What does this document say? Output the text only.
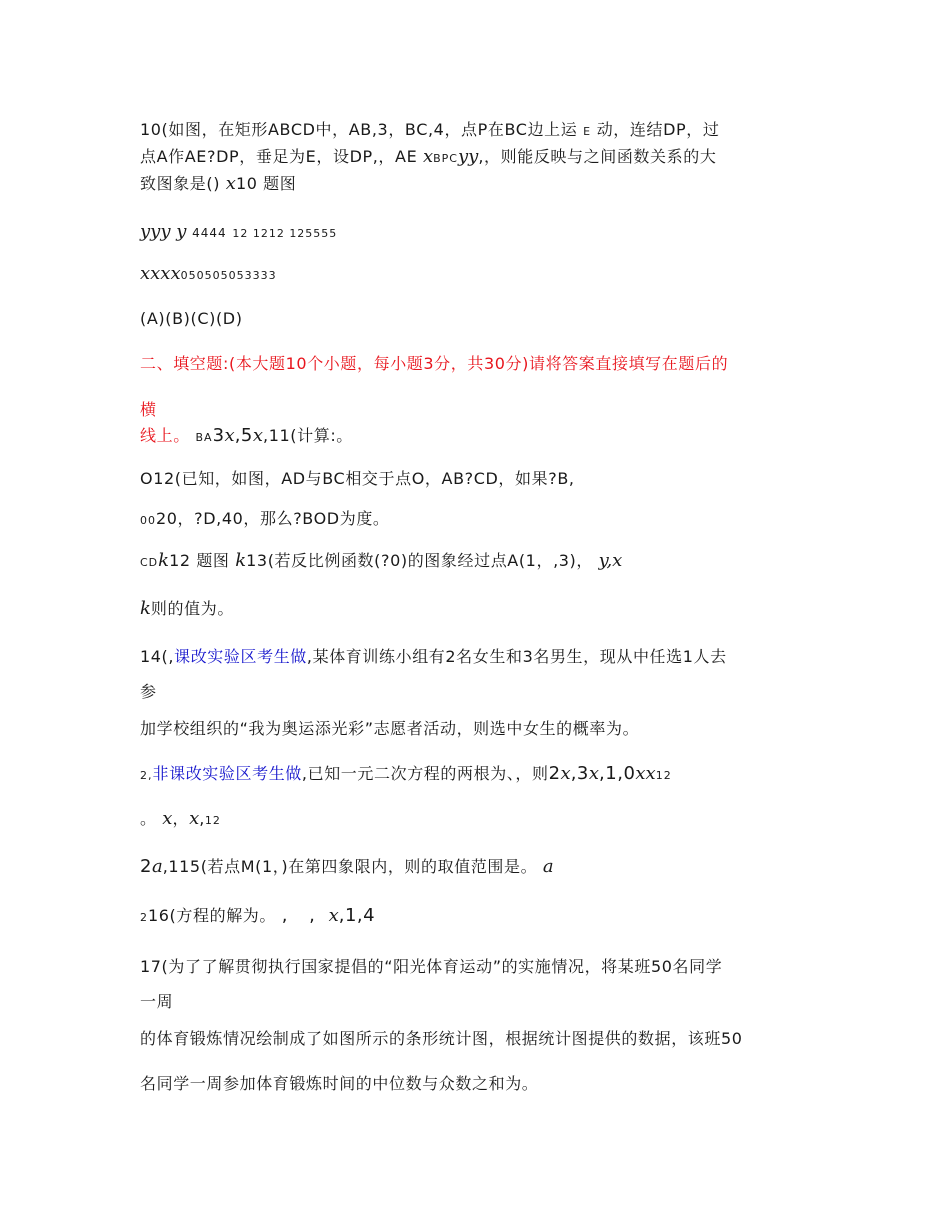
10(如图，在矩形ABCD中，AB,3，BC,4，点P在BC边上运 E 动，连结DP，过
点A作AE?DP，垂足为E，设DP,，AE xBPCyy,，则能反映与之间函数关系的大
致图象是() x10 题图
yyy y 4444 12 1212 125555
xxxx050505053333
(A)(B)(C)(D)
二、填空题:(本大题10个小题，每小题3分，共30分)请将答案直接填写在题后的
横
线上。 BA3x,5x,11(计算:。
O12(已知，如图，AD与BC相交于点O，AB?CD，如果?B,
0020，?D,40，那么?BOD为度。
CDk12 题图 k13(若反比例函数(?0)的图象经过点A(1，,3)， y,x
k则的值为。
14(,课改实验区考生做,某体育训练小组有2名女生和3名男生，现从中任选1人去
参
加学校组织的“我为奥运添光彩”志愿者活动，则选中女生的概率为。
2,非课改实验区考生做,已知一元二次方程的两根为、，则2x,3x,1,0xx12
。 x，x,12
2a,115(若点M(1，)在第四象限内，则的取值范围是。 a
216(方程的解为。 , , x,1,4
17(为了了解贯彻执行国家提倡的“阳光体育运动”的实施情况，将某班50名同学
一周
的体育锻炼情况绘制成了如图所示的条形统计图，根据统计图提供的数据，该班50
名同学一周参加体育锻炼时间的中位数与众数之和为。
